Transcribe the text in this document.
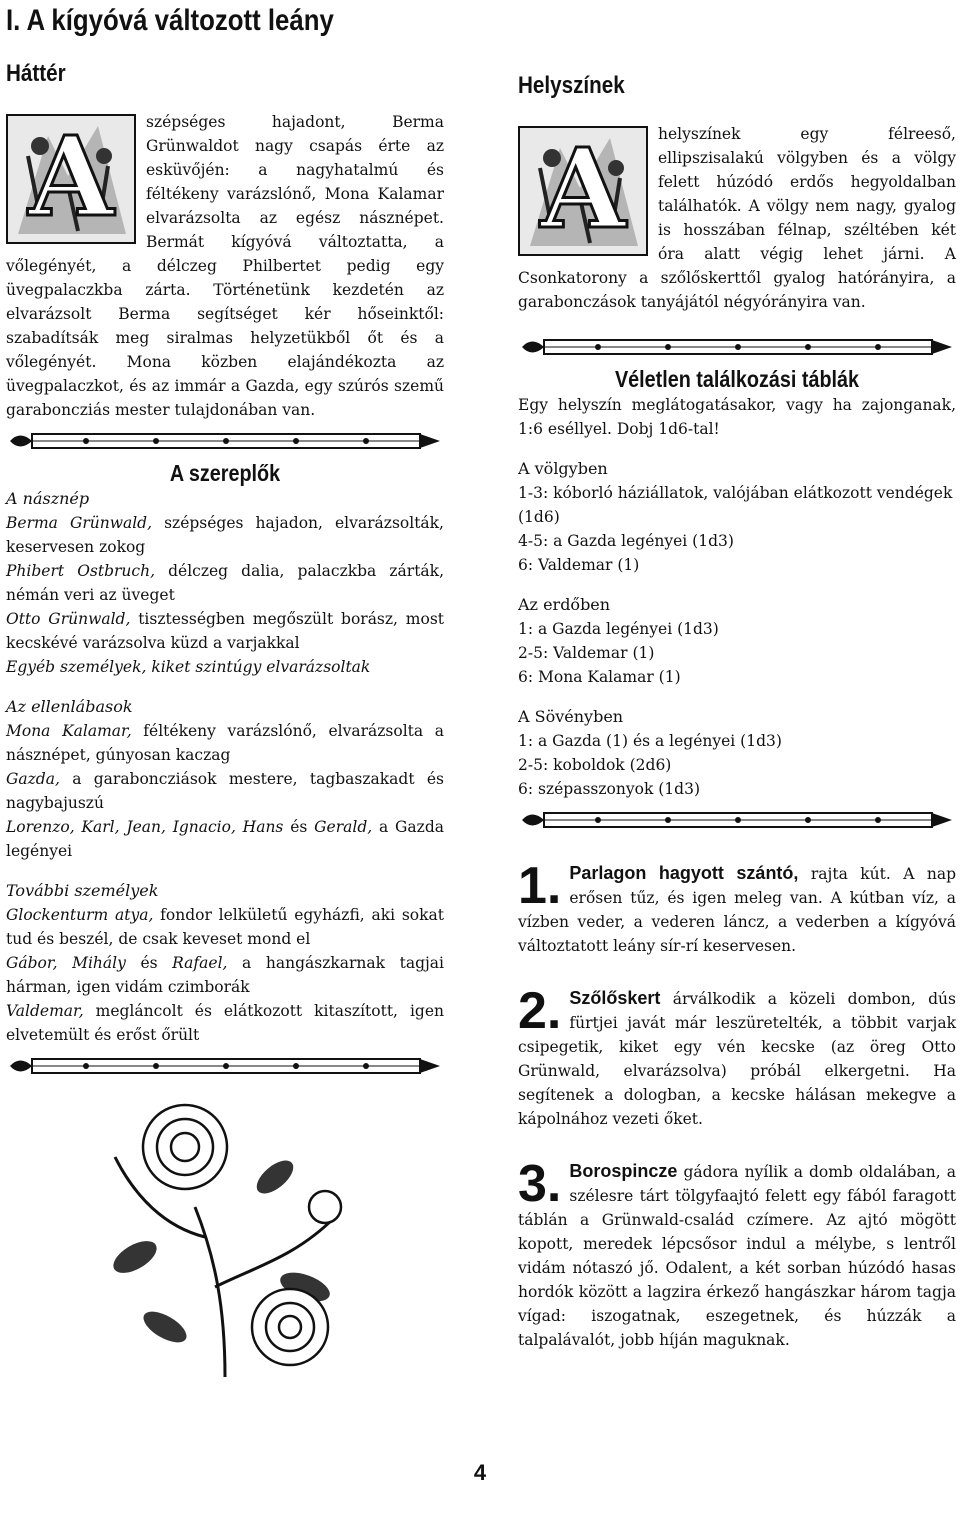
I. A kígyóvá változott leány
Háttér

A	szépséges hajadont, Berma Grünwaldot nagy csapás érte az esküvőjén: a nagyhatalmú és féltékeny varázslónő, Mona Kalamar elvarázsolta az egész násznépet. Bermát kígyóvá változtatta, a vőlegényét, a délczeg Philbertet pedig egy üvegpalaczkba zárta. Történetünk kezdetén az elvarázsolt Berma segítséget kér hőseinktől: szabadítsák meg siralmas helyzetükből őt és a vőlegényét. Mona közben elajándékozta az üvegpalaczkot, és az immár a Gazda, egy szúrós szemű garaboncziás mester tulajdonában van.

A szereplők

A násznép

Berma Grünwald, szépséges hajadon, elvarázsolták, keservesen zokog

Phibert Ostbruch, délczeg dalia, palaczkba zárták, némán veri az üveget

Otto Grünwald, tisztességben megőszült borász, most kecskévé varázsolva küzd a varjakkal

Egyéb személyek, kiket szintúgy elvarázsoltak

Az ellenlábasok

Mona Kalamar, féltékeny varázslónő, elvarázsolta a násznépet, gúnyosan kaczag

Gazda, a garaboncziások mestere, tagbaszakadt és nagybajuszú

Lorenzo, Karl, Jean, Ignacio, Hans és Gerald, a Gazda legényei

További személyek

Glockenturm atya, fondor lelkületű egyházfi, aki sokat tud és beszél, de csak keveset mond el

Gábor, Mihály és Rafael, a hangászkarnak tagjai hárman, igen vidám czimborák

Valdemar, megláncolt és elátkozott kitaszított, igen elvetemült és erőst őrült

Helyszínek

A	helyszínek egy félreeső, ellipszisalakú völgyben és a völgy felett húzódó erdős hegyoldalban találhatók. A völgy nem nagy, gyalog is hosszában félnap, széltében két óra alatt végig lehet járni. A Csonkatorony a szőlőskerttől gyalog hatórányira, a garabonczások tanyájától négyórányira van.

Véletlen találkozási táblák

Egy helyszín meglátogatásakor, vagy ha zajonganak, 1:6 eséllyel. Dobj 1d6-tal!

A völgyben

1-3: kóborló háziállatok, valójában elátkozott vendégek (1d6)

4-5: a Gazda legényei (1d3)

6: Valdemar (1)

Az erdőben

1: a Gazda legényei (1d3)

2-5: Valdemar (1)

6: Mona Kalamar (1)

A Sövényben

1: a Gazda (1) és a legényei (1d3)

2-5: koboldok (2d6)

6: szépasszonyok (1d3)

1. Parlagon hagyott szántó, rajta kút. A nap erősen tűz, és igen meleg van. A kútban víz, a vízben veder, a vederen láncz, a vederben a kígyóvá változtatott leány sír-rí keservesen.

2. Szőlőskert árválkodik a közeli dombon, dús fürtjei javát már leszüretelték, a többit varjak csipegetik, kiket egy vén kecske (az öreg Otto Grünwald, elvarázsolva) próbál elkergetni. Ha segítenek a dologban, a kecske hálásan mekegve a kápolnához vezeti őket.

3. Borospincze gádora nyílik a domb oldalában, a szélesre tárt tölgyfaajtó felett egy fából faragott táblán a Grünwald-család czímere. Az ajtó mögött kopott, meredek lépcsősor indul a mélybe, s lentről vidám nótaszó jő. Odalent, a két sorban húzódó hasas hordók között a lagzira érkező hangászkar három tagja vígad: iszogatnak, eszegetnek, és húzzák a talpalávalót, jobb híján maguknak.

4
